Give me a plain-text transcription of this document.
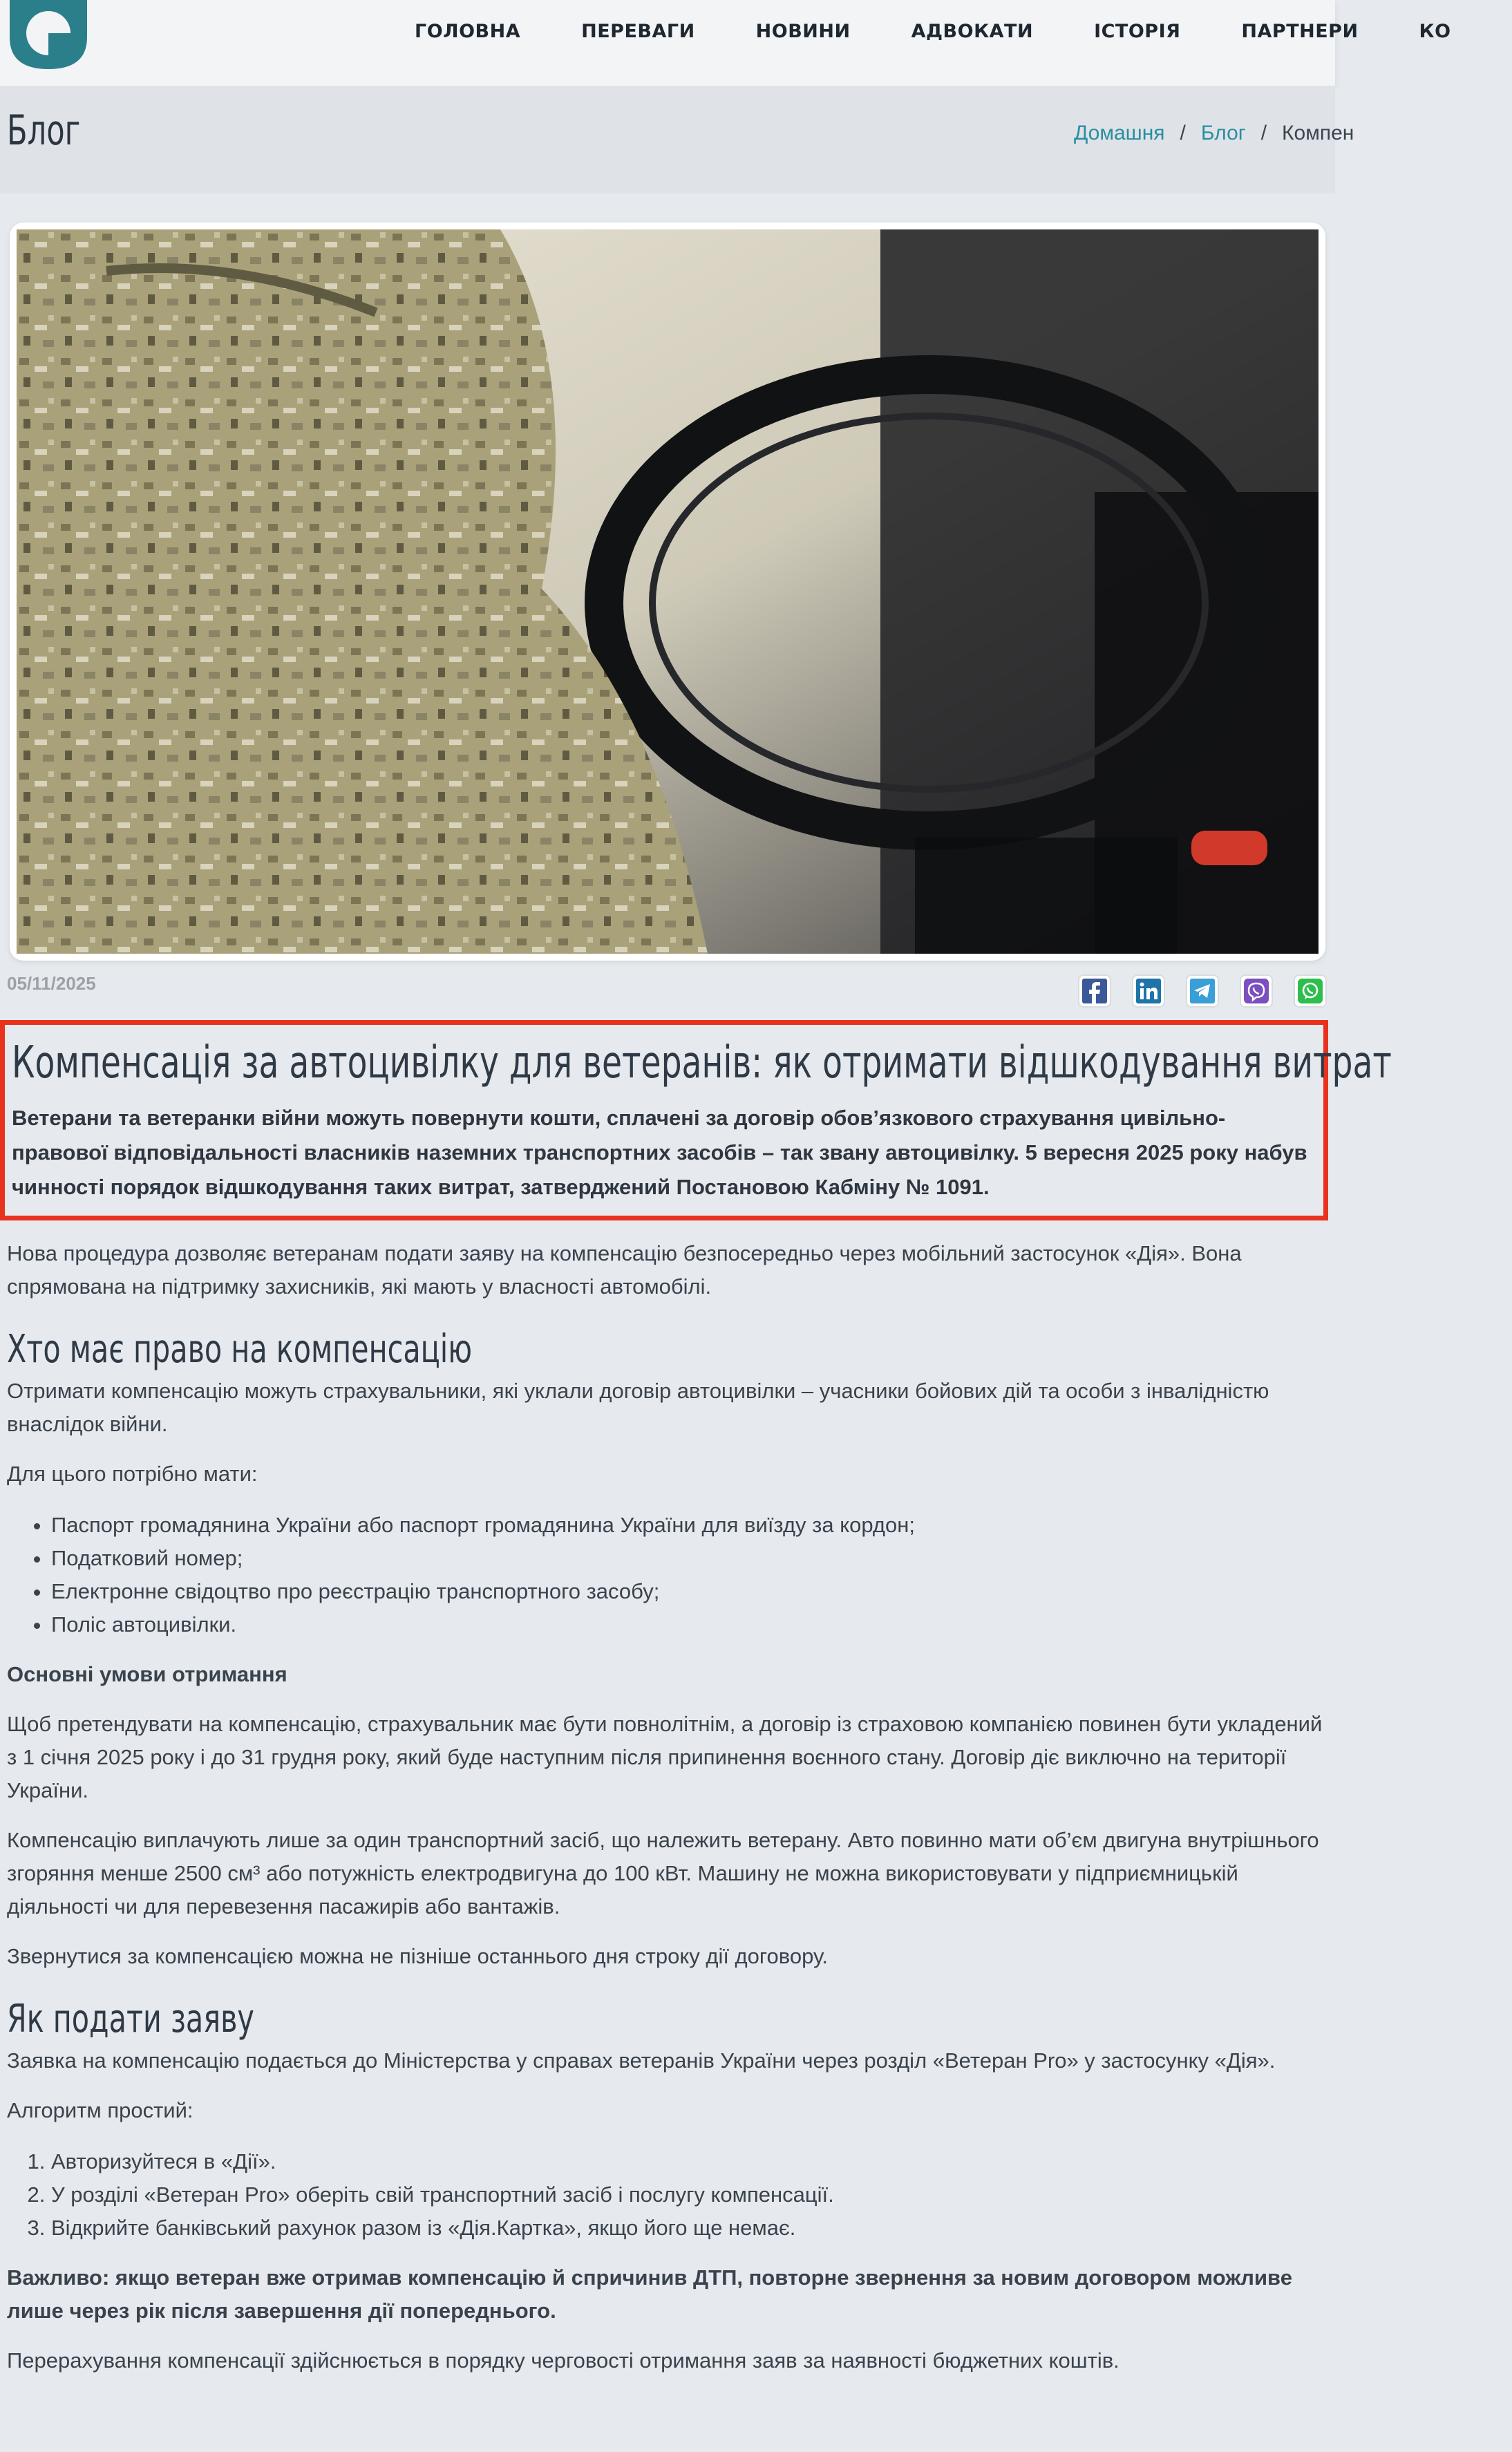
ГОЛОВНА	ПЕРЕВАГИ	НОВИНИ	АДВОКАТИ	ІСТОРІЯ	ПАРТНЕРИ	КО
Блог	Домашня / Блог / Компен
05/11/2025
Компенсація за автоцивілку для ветеранів: як отримати відшкодування витрат

Ветерани та ветеранки війни можуть повернути кошти, сплачені за договір обов’язкового страхування цивільно-правової відповідальності власників наземних транспортних засобів – так звану автоцивілку. 5 вересня 2025 року набув чинності порядок відшкодування таких витрат, затверджений Постановою Кабміну № 1091.

Нова процедура дозволяє ветеранам подати заяву на компенсацію безпосередньо через мобільний застосунок «Дія». Вона спрямована на підтримку захисників, які мають у власності автомобілі.

Хто має право на компенсацію

Отримати компенсацію можуть страхувальники, які уклали договір автоцивілки – учасники бойових дій та особи з інвалідністю внаслідок війни.

Для цього потрібно мати:

• Паспорт громадянина України або паспорт громадянина України для виїзду за кордон;
• Податковий номер;
• Електронне свідоцтво про реєстрацію транспортного засобу;
• Поліс автоцивілки.

Основні умови отримання

Щоб претендувати на компенсацію, страхувальник має бути повнолітнім, а договір із страховою компанією повинен бути укладений з 1 січня 2025 року і до 31 грудня року, який буде наступним після припинення воєнного стану. Договір діє виключно на території України.

Компенсацію виплачують лише за один транспортний засіб, що належить ветерану. Авто повинно мати об’єм двигуна внутрішнього згоряння менше 2500 см³ або потужність електродвигуна до 100 кВт. Машину не можна використовувати у підприємницькій діяльності чи для перевезення пасажирів або вантажів.

Звернутися за компенсацією можна не пізніше останнього дня строку дії договору.

Як подати заяву

Заявка на компенсацію подається до Міністерства у справах ветеранів України через розділ «Ветеран Pro» у застосунку «Дія».

Алгоритм простий:

1. Авторизуйтеся в «Дії».
2. У розділі «Ветеран Pro» оберіть свій транспортний засіб і послугу компенсації.
3. Відкрийте банківський рахунок разом із «Дія.Картка», якщо його ще немає.

Важливо: якщо ветеран вже отримав компенсацію й спричинив ДТП, повторне звернення за новим договором можливе лише через рік після завершення дії попереднього.

Перерахування компенсації здійснюється в порядку черговості отримання заяв за наявності бюджетних коштів.
